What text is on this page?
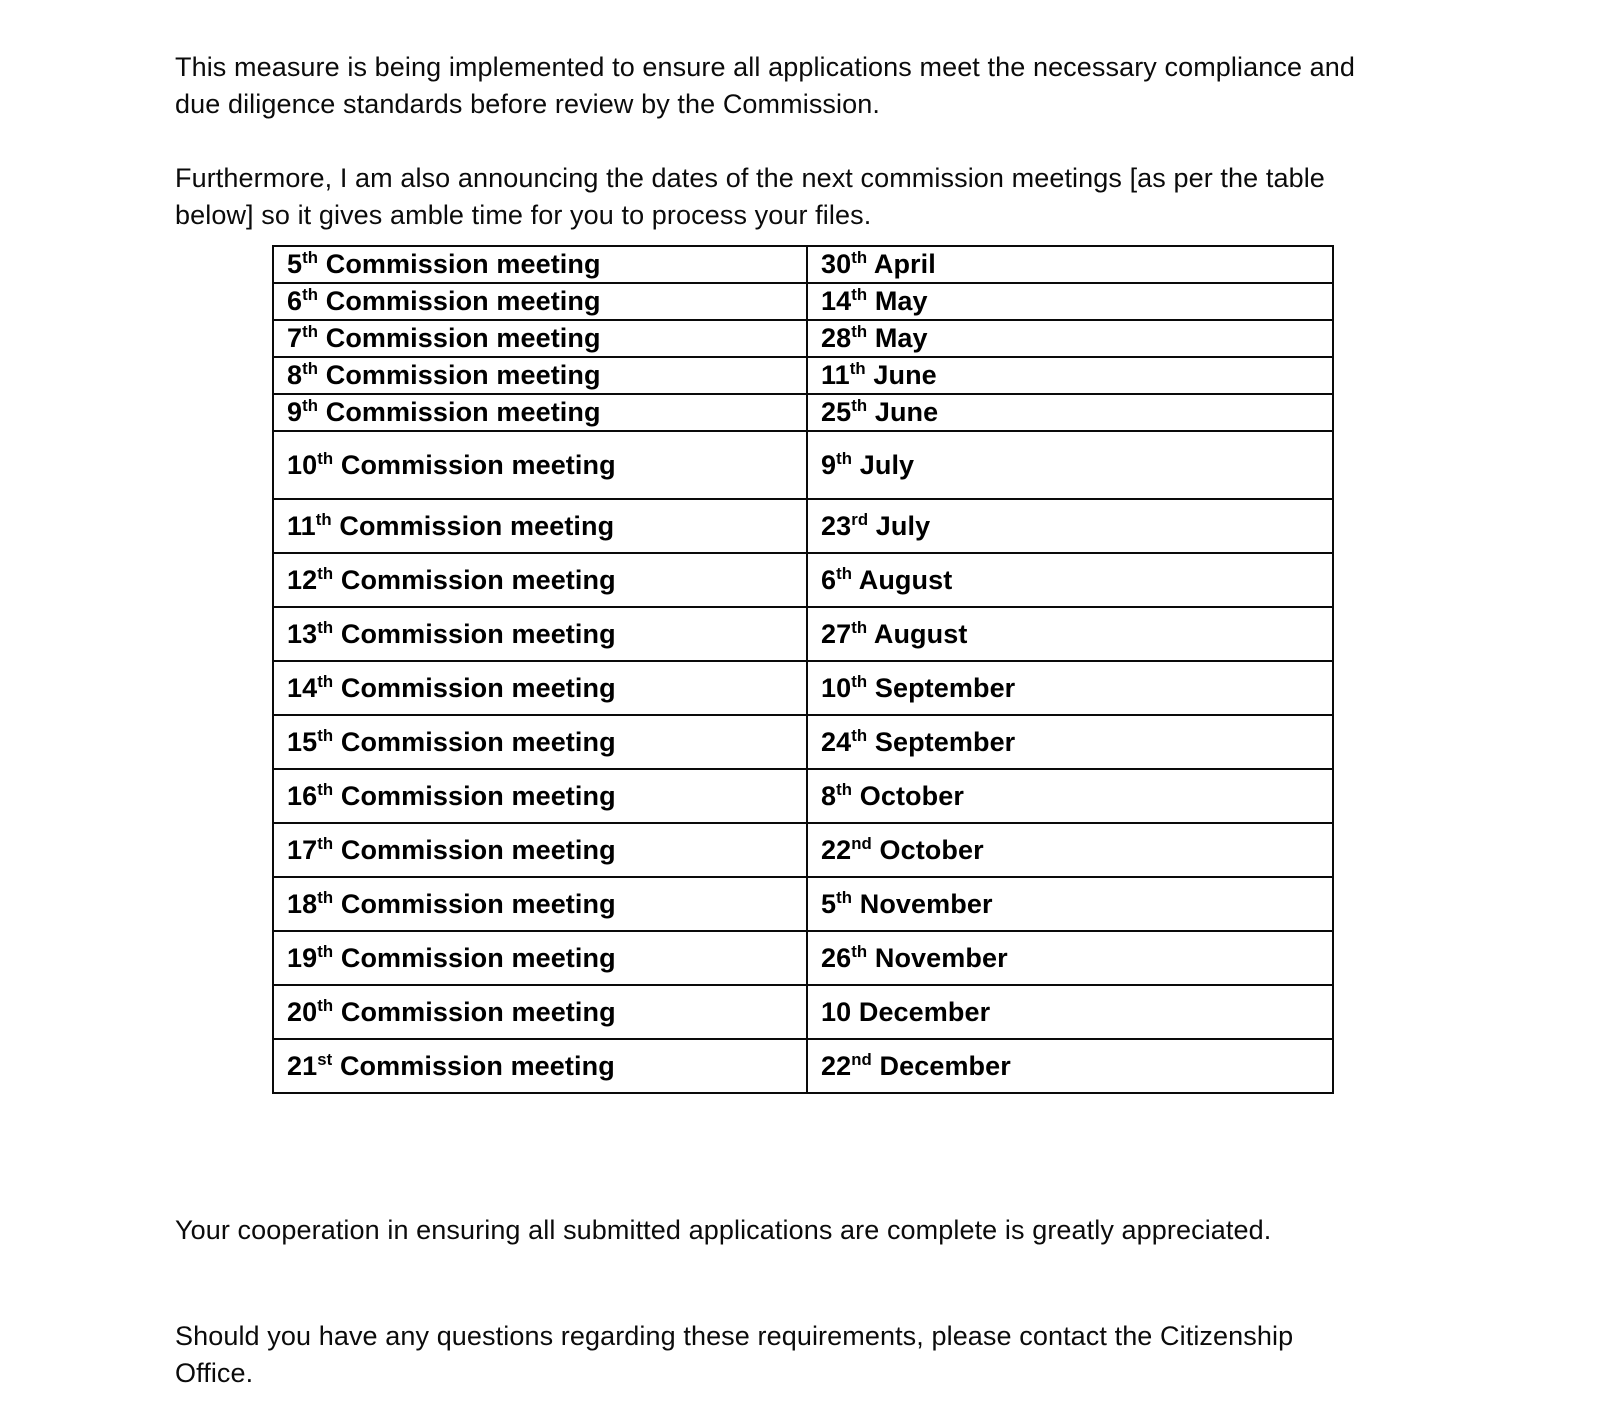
This measure is being implemented to ensure all applications meet the necessary compliance and due diligence standards before review by the Commission.

Furthermore, I am also announcing the dates of the next commission meetings [as per the table below] so it gives amble time for you to process your files.

5th Commission meeting	30th April
6th Commission meeting	14th May
7th Commission meeting	28th May
8th Commission meeting	11th June
9th Commission meeting	25th June
10th Commission meeting	9th July
11th Commission meeting	23rd July
12th Commission meeting	6th August
13th Commission meeting	27th August
14th Commission meeting	10th September
15th Commission meeting	24th September
16th Commission meeting	8th October
17th Commission meeting	22nd October
18th Commission meeting	5th November
19th Commission meeting	26th November
20th Commission meeting	10 December
21st Commission meeting	22nd December

Your cooperation in ensuring all submitted applications are complete is greatly appreciated.

Should you have any questions regarding these requirements, please contact the Citizenship Office.
